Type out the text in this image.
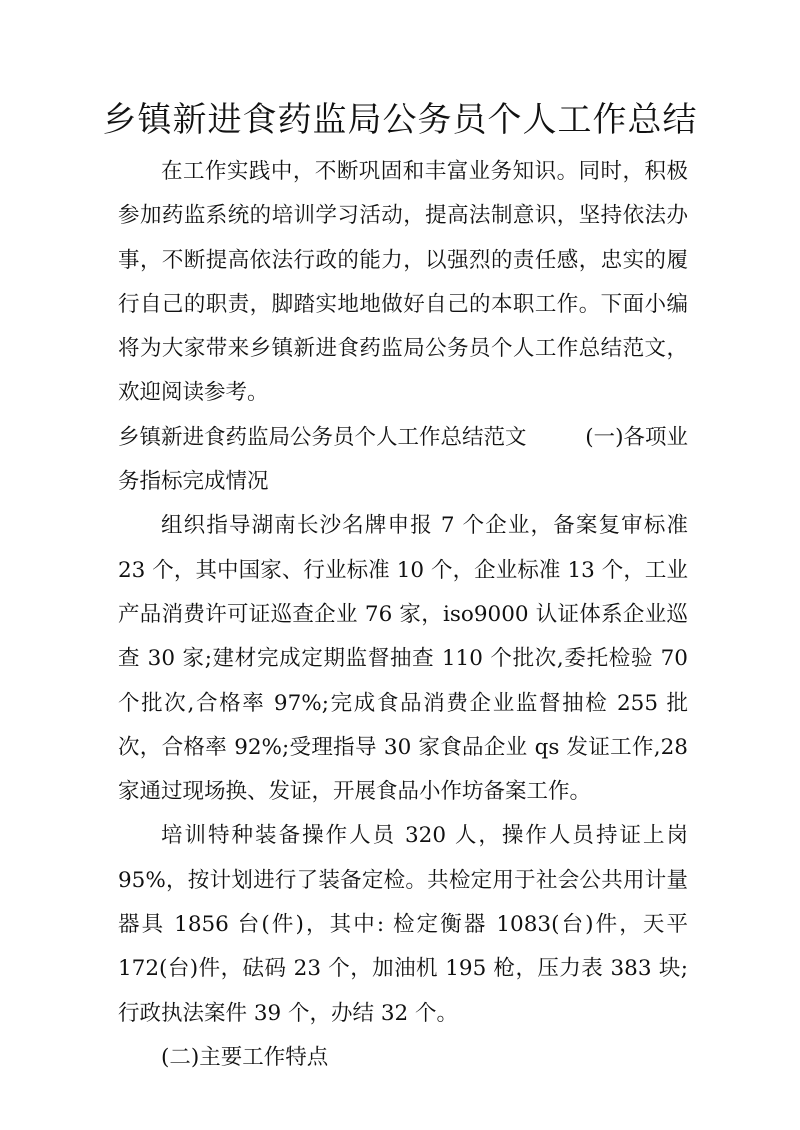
乡镇新进食药监局公务员个人工作总结

在工作实践中，不断巩固和丰富业务知识。同时，积极参加药监系统的培训学习活动，提高法制意识，坚持依法办事，不断提高依法行政的能力，以强烈的责任感，忠实的履行自己的职责，脚踏实地地做好自己的本职工作。下面小编将为大家带来乡镇新进食药监局公务员个人工作总结范文，欢迎阅读参考。

乡镇新进食药监局公务员个人工作总结范文	(一)各项业

务指标完成情况

组织指导湖南长沙名牌申报 7 个企业，备案复审标准 23 个，其中国家、行业标准 10 个，企业标准 13 个，工业产品消费许可证巡查企业 76 家，iso9000 认证体系企业巡查 30 家;建材完成定期监督抽查 110 个批次,委托检验 70 个批次,合格率 97%;完成食品消费企业监督抽检 255 批次，合格率 92%;受理指导 30 家食品企业 qs 发证工作,28 家通过现场换、发证，开展食品小作坊备案工作。

培训特种装备操作人员 320 人，操作人员持证上岗 95%，按计划进行了装备定检。共检定用于社会公共用计量器具 1856 台(件)，其中: 检定衡器 1083(台)件，天平 172(台)件，砝码 23 个，加油机 195 枪，压力表 383 块;行政执法案件 39 个，办结 32 个。

(二)主要工作特点
